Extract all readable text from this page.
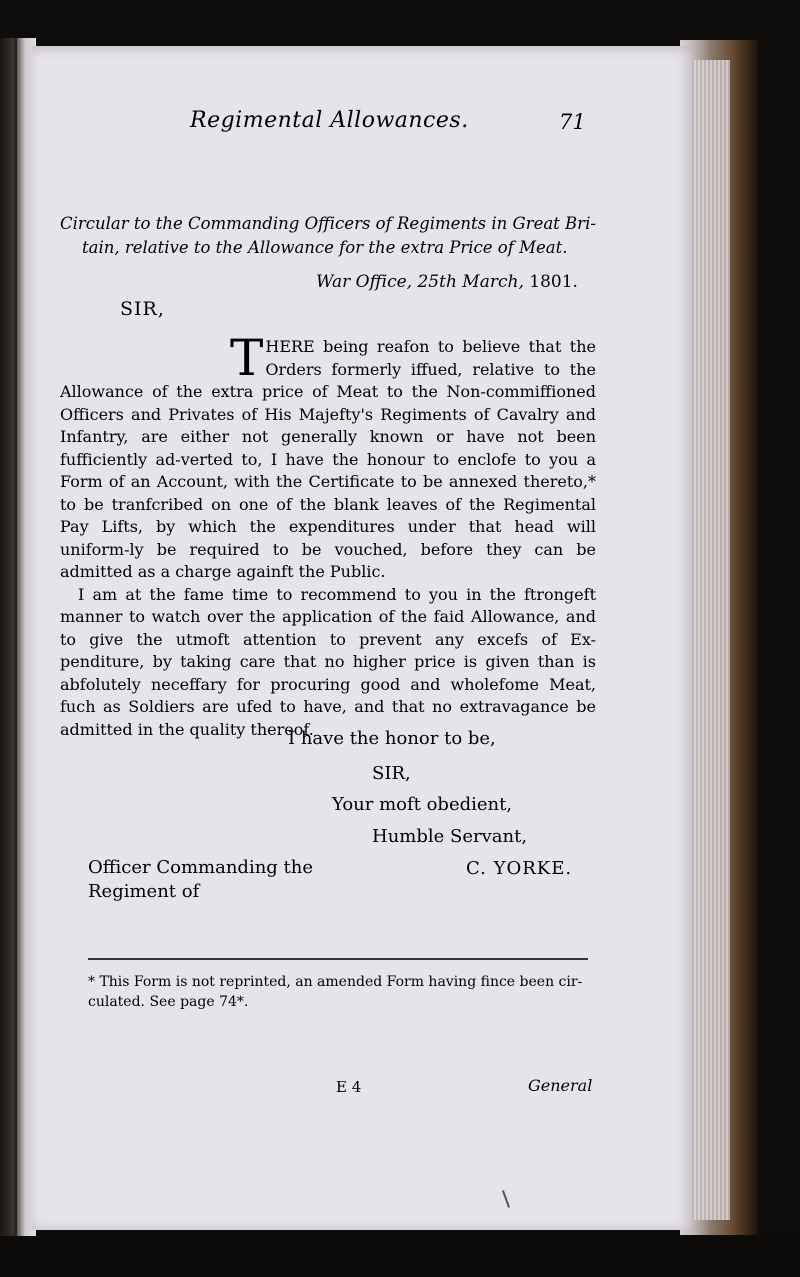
Regimental Allowances.	71
Circular to the Commanding Officers of Regiments in Great Bri-
tain, relative to the Allowance for the extra Price of Meat.
War Office, 25th March, 1801.
SIR,

T HERE being reafon to believe that the Orders formerly iffued, relative to the Allowance of the extra price of Meat to the Non-commiffioned Officers and Privates of His Majefty's Regiments of Cavalry and Infantry, are either not generally known or have not been fufficiently ad-verted to, I have the honour to enclofe to you a Form of an Account, with the Certificate to be annexed thereto,* to be tranfcribed on one of the blank leaves of the Regimental Pay Lifts, by which the expenditures under that head will uniform-ly be required to be vouched, before they can be admitted as a charge againft the Public.

I am at the fame time to recommend to you in the ftrongeft manner to watch over the application of the faid Allowance, and to give the utmoft attention to prevent any excefs of Ex-penditure, by taking care that no higher price is given than is abfolutely neceffary for procuring good and wholefome Meat, fuch as Soldiers are ufed to have, and that no extravagance be admitted in the quality thereof.

I have the honor to be,
SIR,
Your moft obedient,
Humble Servant,
C. YORKE.
Officer Commanding the
Regiment of
* This Form is not reprinted, an amended Form having fince been cir-
culated. See page 74*.
E 4	General
